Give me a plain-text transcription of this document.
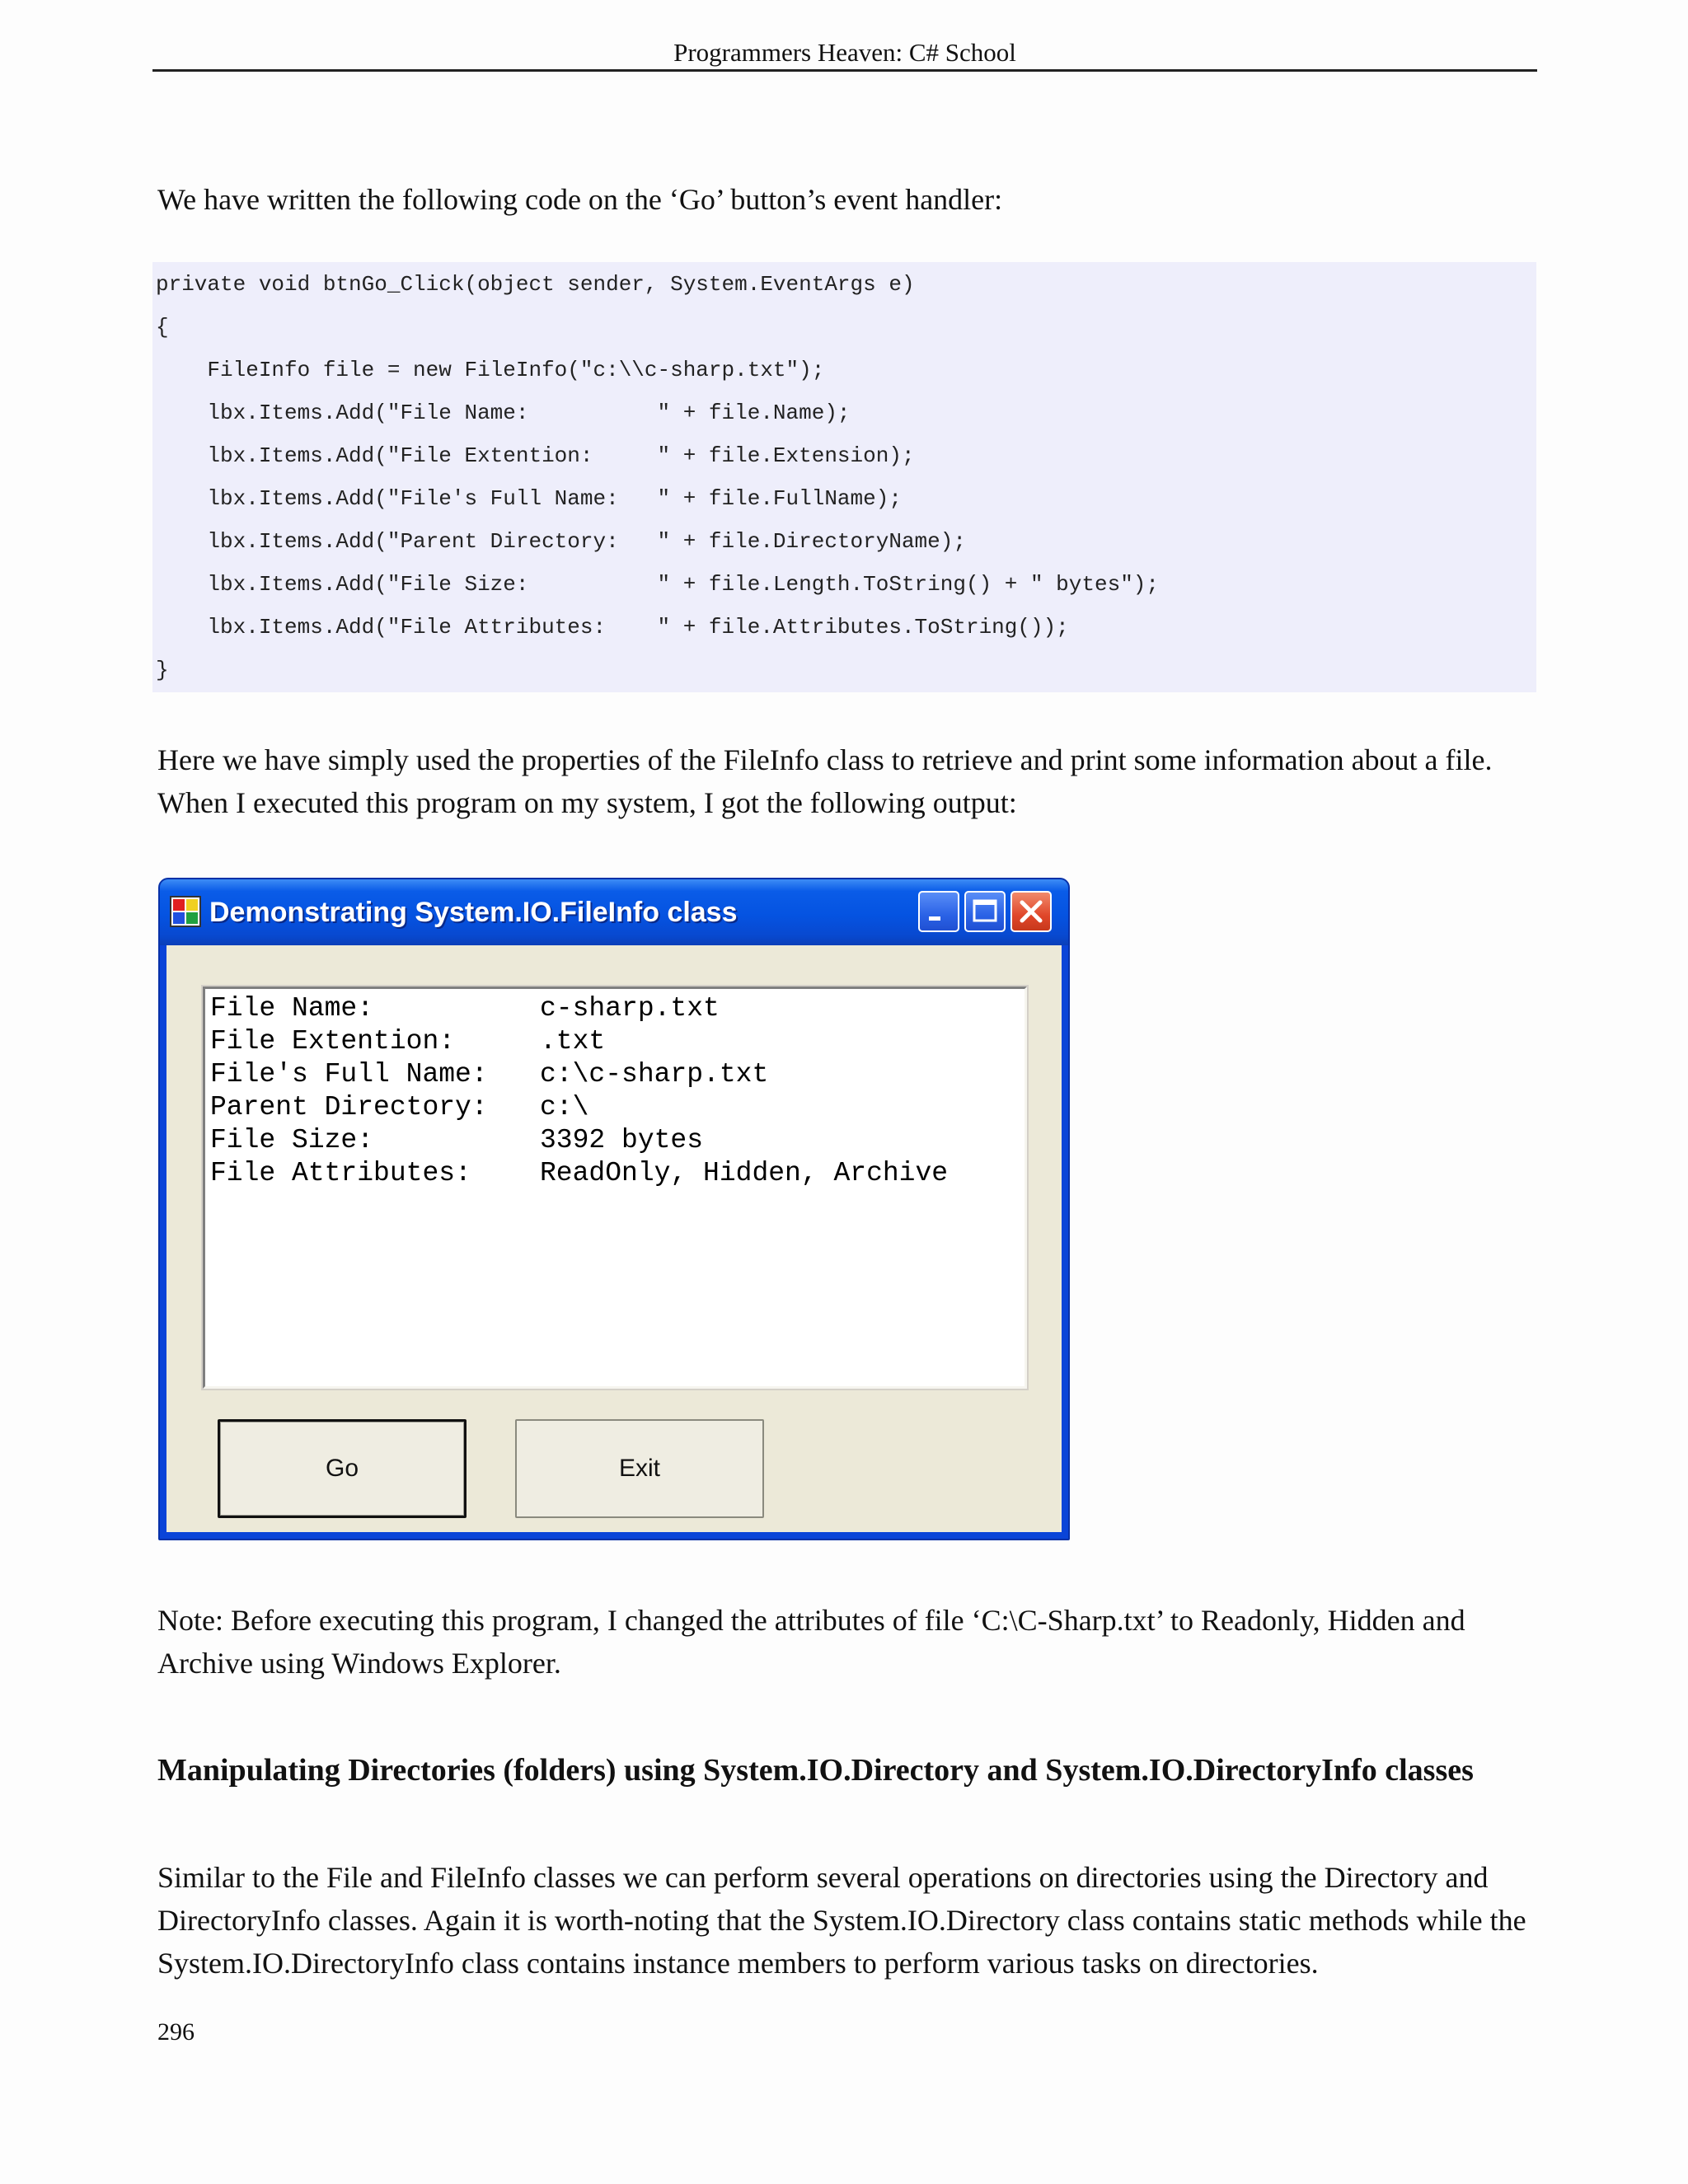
Programmers Heaven: C# School

We have written the following code on the ‘Go’ button’s event handler:

private void btnGo_Click(object sender, System.EventArgs e)
{
FileInfo file = new FileInfo("c:\\c-sharp.txt");
lbx.Items.Add("File Name:          " + file.Name);
lbx.Items.Add("File Extention:     " + file.Extension);
lbx.Items.Add("File's Full Name:   " + file.FullName);
lbx.Items.Add("Parent Directory:   " + file.DirectoryName);
lbx.Items.Add("File Size:          " + file.Length.ToString() + " bytes");
lbx.Items.Add("File Attributes:    " + file.Attributes.ToString());
}

Here we have simply used the properties of the FileInfo class to retrieve and print some information about a file. When I executed this program on my system, I got the following output:

Demonstrating System.IO.FileInfo class

File Name:

	c-sharp.txt

File Extention:

	.txt

File's Full Name:

c:\c-sharp.txt

Parent Directory:

c:\

File Size:

	3392 bytes

File Attributes:

	ReadOnly, Hidden, Archive

Go	Exit

Note: Before executing this program, I changed the attributes of file ‘C:\C-Sharp.txt’ to Readonly, Hidden and Archive using Windows Explorer.

Manipulating Directories (folders) using System.IO.Directory and System.IO.DirectoryInfo classes

Similar to the File and FileInfo classes we can perform several operations on directories using the Directory and DirectoryInfo classes. Again it is worth-noting that the System.IO.Directory class contains static methods while the System.IO.DirectoryInfo class contains instance members to perform various tasks on directories.

296
